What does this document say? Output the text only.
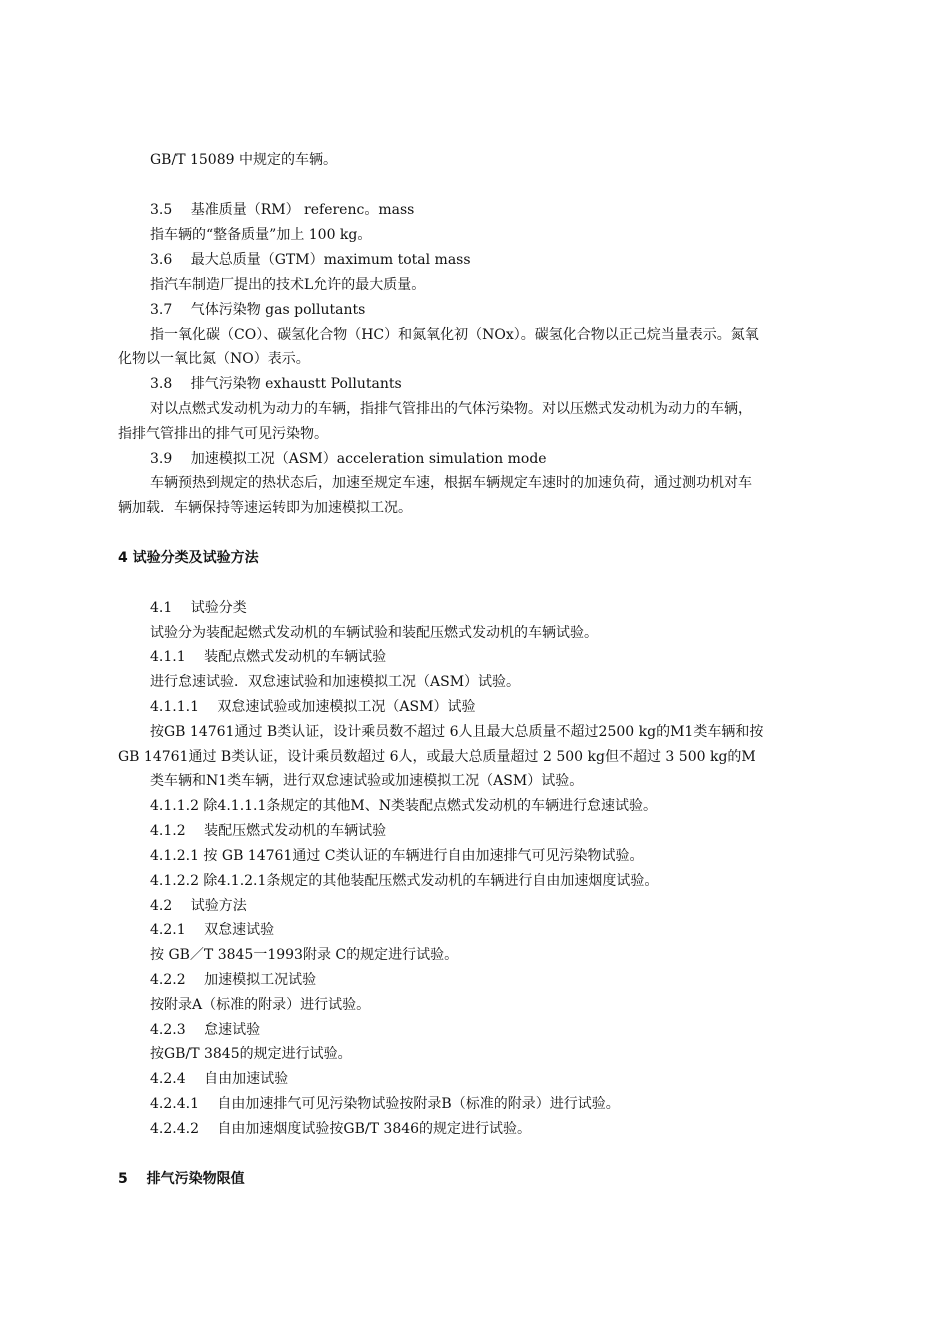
GB/T 15089 中规定的车辆。
3.5　 基准质量（RM） referenc。mass
指车辆的“整备质量”加上 100 kg。
3.6　 最大总质量（GTM）maximum total mass
指汽车制造厂提出的技术L允许的最大质量。
3.7　 气体污染物 gas pollutants
指一氧化碳（CO）、碳氢化合物（HC）和氮氧化初（NOx）。碳氢化合物以正己烷当量表示。氮氧
化物以一氧比氮（NO）表示。
3.8　 排气污染物 exhaustt Pollutants
对以点燃式发动机为动力的车辆，指排气管排出的气体污染物。对以压燃式发动机为动力的车辆，
指排气管排出的排气可见污染物。
3.9　 加速模拟工况（ASM）acceleration simulation mode
车辆预热到规定的热状态后，加速至规定车速，根据车辆规定车速时的加速负荷，通过测功机对车
辆加载．车辆保持等速运转即为加速模拟工况。
4 试验分类及试验方法
4.1　 试验分类
试验分为装配起燃式发动机的车辆试验和装配压燃式发动机的车辆试验。
4.1.1　 装配点燃式发动机的车辆试验
进行怠速试验．双怠速试验和加速模拟工况（ASM）试验。
4.1.1.1　 双怠速试验或加速模拟工况（ASM）试验
按GB 14761通过 B类认证，设计乘员数不超过 6人且最大总质量不超过2500 kg的M1类车辆和按
GB 14761通过 B类认证，设计乘员数超过 6人，或最大总质量超过 2 500 kg但不超过 3 500 kg的M
类车辆和N1类车辆，进行双怠速试验或加速模拟工况（ASM）试验。
4.1.1.2 除4.1.1.1条规定的其他M、N类装配点燃式发动机的车辆进行怠速试验。
4.1.2　 装配压燃式发动机的车辆试验
4.1.2.1 按 GB 14761通过 C类认证的车辆进行自由加速排气可见污染物试验。
4.1.2.2 除4.1.2.1条规定的其他装配压燃式发动机的车辆进行自由加速烟度试验。
4.2　 试验方法
4.2.1　 双怠速试验
按 GB／T 3845一1993附录 C的规定进行试验。
4.2.2　 加速模拟工况试验
按附录A（标准的附录）进行试验。
4.2.3　 怠速试验
按GB/T 3845的规定进行试验。
4.2.4　 自由加速试验
4.2.4.1　 自由加速排气可见污染物试验按附录B（标准的附录）进行试验。
4.2.4.2　 自由加速烟度试验按GB/T 3846的规定进行试验。
5　 排气污染物限值
